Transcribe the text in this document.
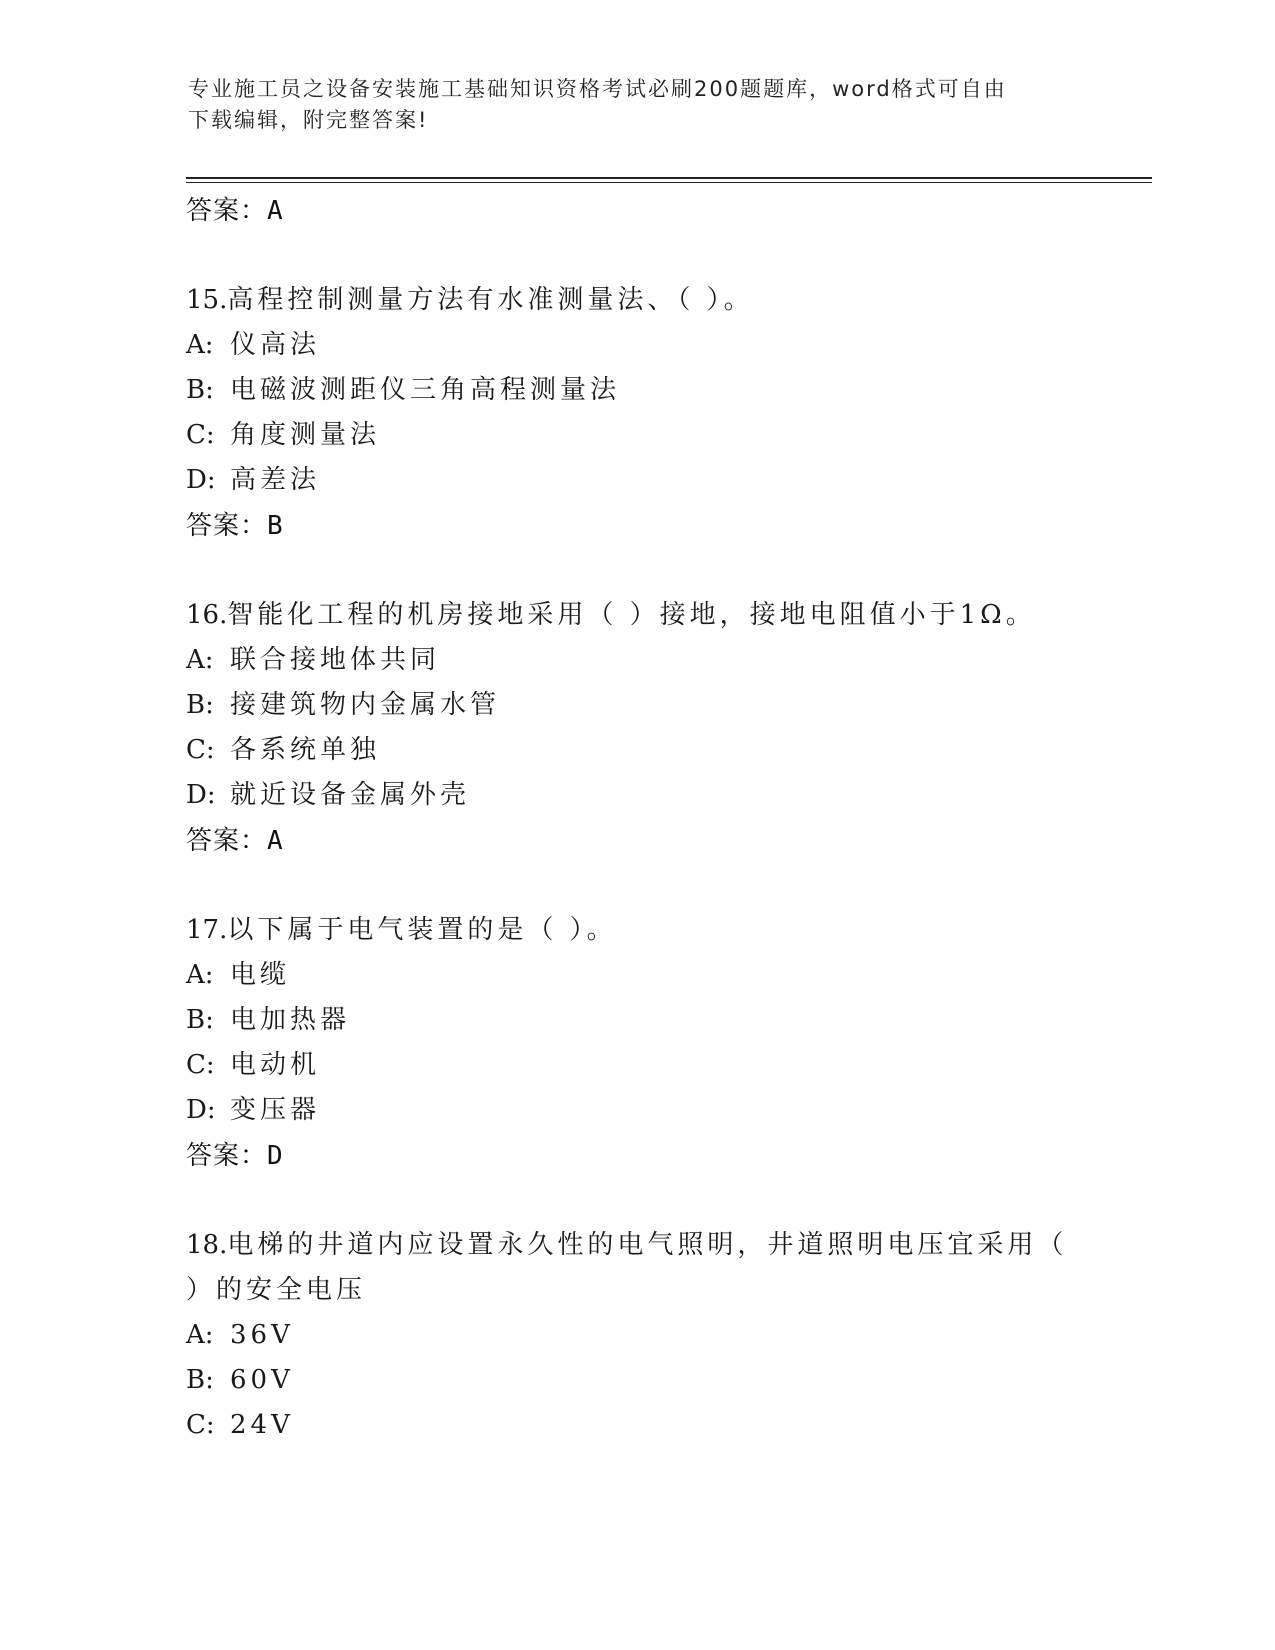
专业施工员之设备安装施工基础知识资格考试必刷200题题库，word格式可自由
下载编辑，附完整答案!
答案：A
15.高程控制测量方法有水准测量法、（ ）。
A: 仪高法
B: 电磁波测距仪三角高程测量法
C: 角度测量法
D: 高差法
答案：B
16.智能化工程的机房接地采用（ ）接地，接地电阻值小于1Ω。
A: 联合接地体共同
B: 接建筑物内金属水管
C: 各系统单独
D: 就近设备金属外壳
答案：A
17.以下属于电气装置的是（ ）。
A: 电缆
B: 电加热器
C: 电动机
D: 变压器
答案：D
18.电梯的井道内应设置永久性的电气照明，井道照明电压宜采用（ ）的安全电压
A: 36V
B: 60V
C: 24V
